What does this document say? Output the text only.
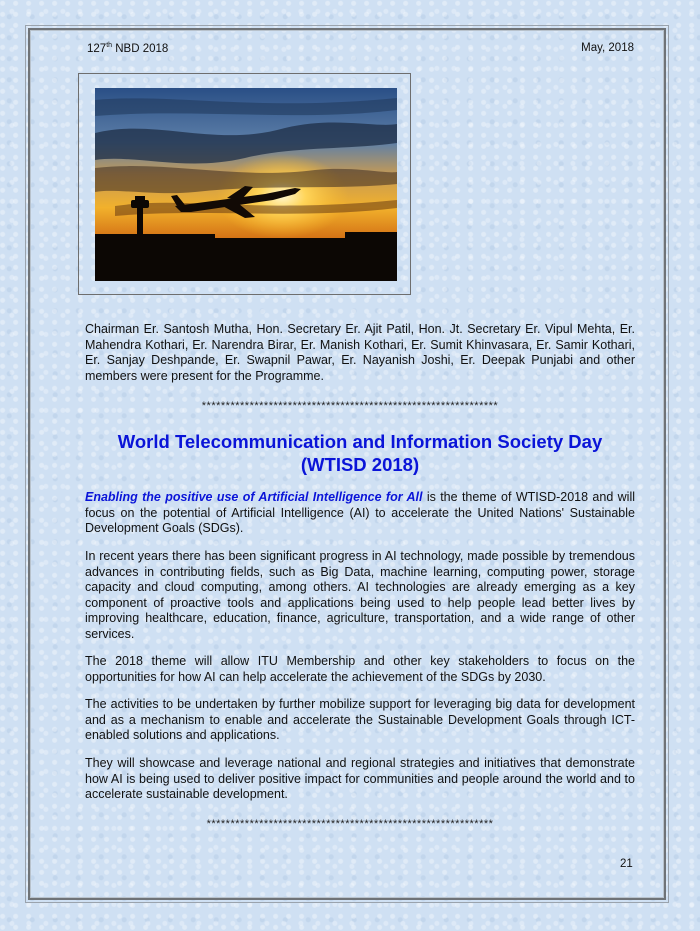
127th NBD 2018	May, 2018

Chairman Er. Santosh Mutha, Hon. Secretary Er. Ajit Patil, Hon. Jt. Secretary Er. Vipul Mehta, Er. Mahendra Kothari, Er. Narendra Birar, Er. Manish Kothari, Er. Sumit Khinvasara, Er. Samir Kothari, Er. Sanjay Deshpande, Er. Swapnil Pawar, Er. Nayanish Joshi, Er. Deepak Punjabi and other members were present for the Programme.

**************************************************************
World Telecommunication and Information Society Day
(WTISD 2018)

Enabling the positive use of Artificial Intelligence for All is the theme of WTISD-2018 and will focus on the potential of Artificial Intelligence (AI) to accelerate the United Nations' Sustainable Development Goals (SDGs).

In recent years there has been significant progress in AI technology, made possible by tremendous advances in contributing fields, such as Big Data, machine learning, computing power, storage capacity and cloud computing, among others. AI technologies are already emerging as a key component of proactive tools and applications being used to help people lead better lives by improving healthcare, education, finance, agriculture, transportation, and a wide range of other services.

The 2018 theme will allow ITU Membership and other key stakeholders to focus on the opportunities for how AI can help accelerate the achievement of the SDGs by 2030.

The activities to be undertaken by further mobilize support for leveraging big data for development and as a mechanism to enable and accelerate the Sustainable Development Goals through ICT-enabled solutions and applications.

They will showcase and leverage national and regional strategies and initiatives that demonstrate how AI is being used to deliver positive impact for communities and people around the world and to accelerate sustainable development.

************************************************************
21
